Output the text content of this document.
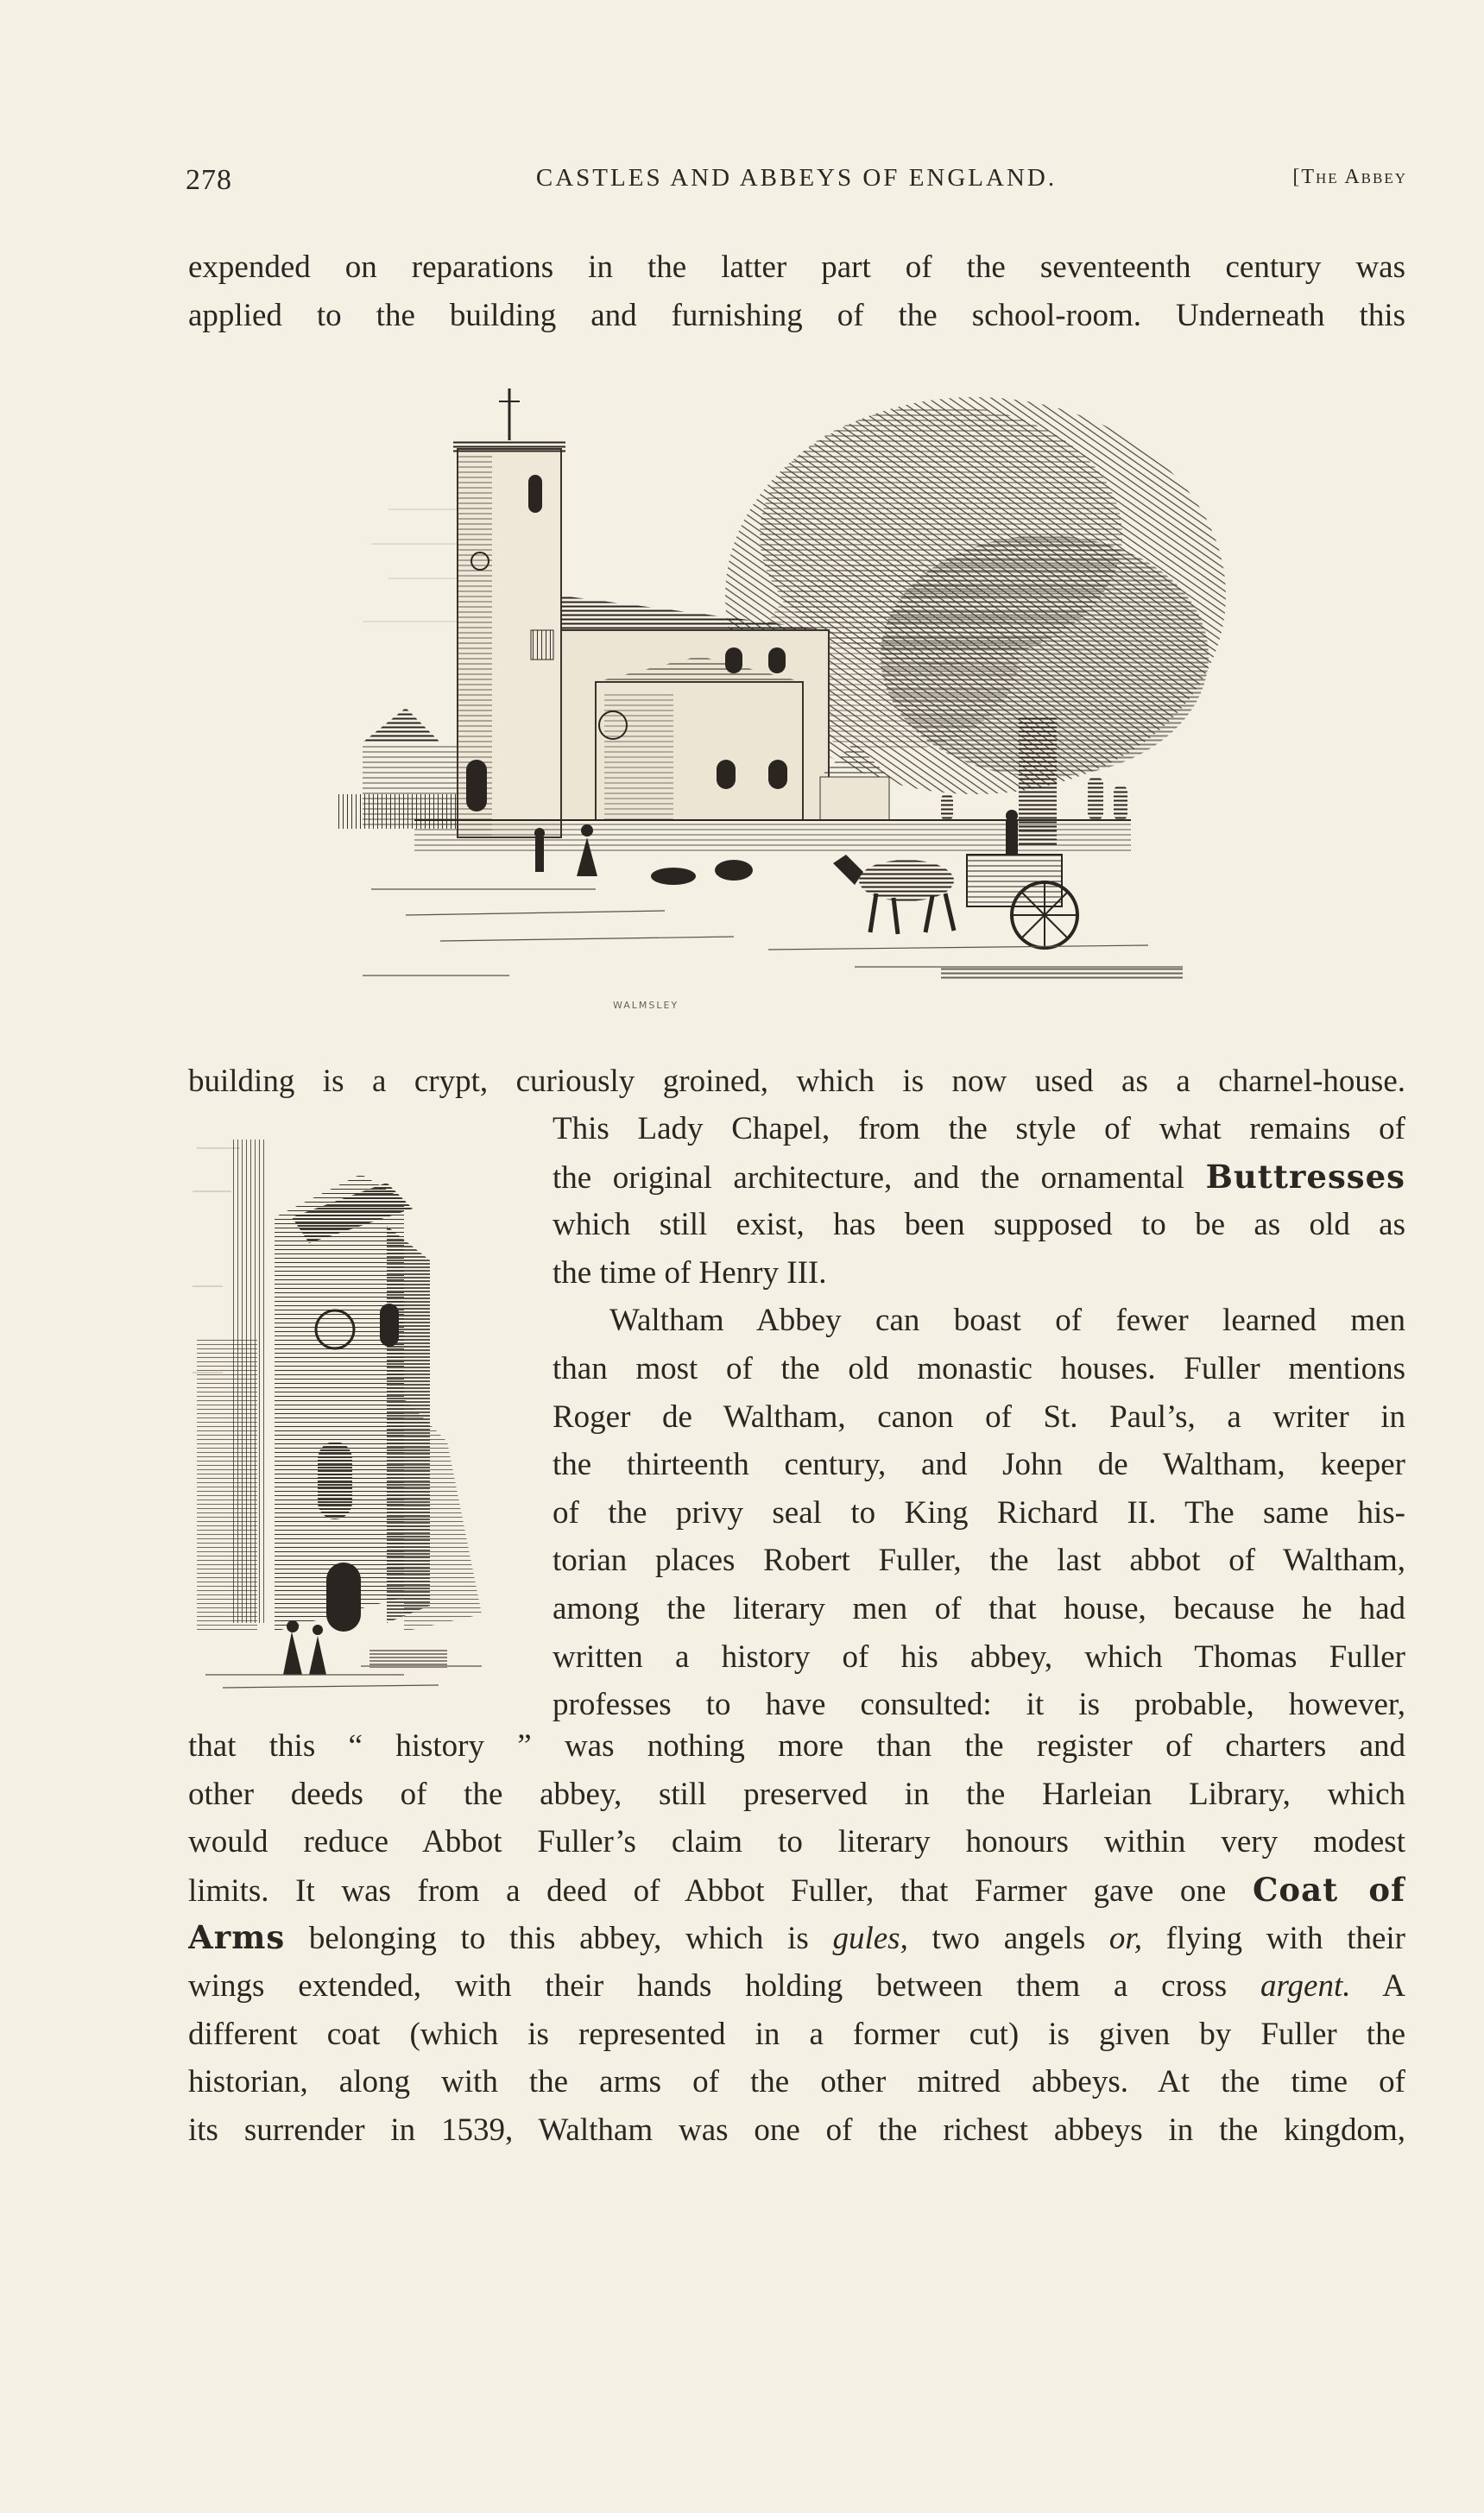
278	CASTLES AND ABBEYS OF ENGLAND.	[The Abbey
expended on reparations in the latter part of the seventeenth century was
applied to the building and furnishing of the school-room. Underneath this
WALMSLEY
building is a crypt, curiously groined, which is now used as a charnel-house.
This Lady Chapel, from the style of what remains of
the original architecture, and the ornamental Buttresses
which still exist, has been supposed to be as old as
the time of Henry III.
Waltham Abbey can boast of fewer learned men
than most of the old monastic houses. Fuller mentions
Roger de Waltham, canon of St. Paul’s, a writer in
the thirteenth century, and John de Waltham, keeper
of the privy seal to King Richard II. The same his-
torian places Robert Fuller, the last abbot of Waltham,
among the literary men of that house, because he had
written a history of his abbey, which Thomas Fuller
professes to have consulted: it is probable, however,
that this “ history ” was nothing more than the register of charters and
other deeds of the abbey, still preserved in the Harleian Library, which
would reduce Abbot Fuller’s claim to literary honours within very modest
limits. It was from a deed of Abbot Fuller, that Farmer gave one Coat of
Arms belonging to this abbey, which is gules, two angels or, flying with their
wings extended, with their hands holding between them a cross argent. A
different coat (which is represented in a former cut) is given by Fuller the
historian, along with the arms of the other mitred abbeys. At the time of
its surrender in 1539, Waltham was one of the richest abbeys in the kingdom,
